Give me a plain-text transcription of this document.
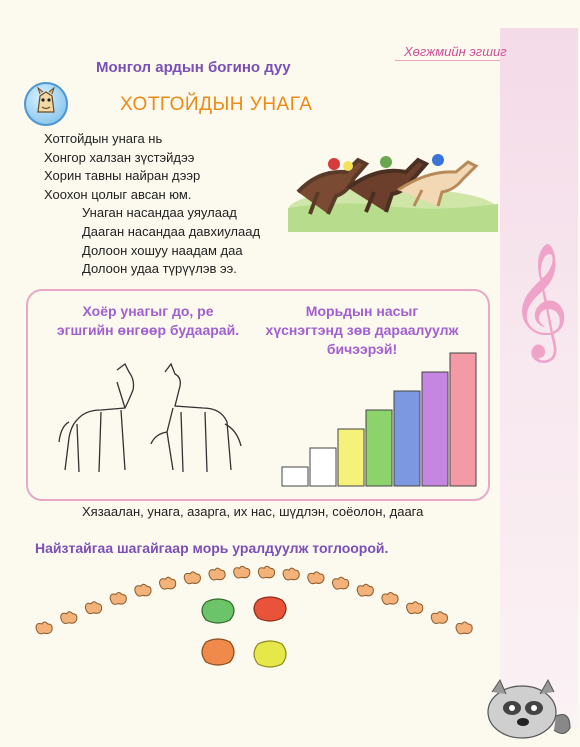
Хөгжмийн эгшиг
Монгол ардын богино дуу
ХОТГОЙДЫН УНАГА
Хотгойдын унага нь
Хонгор халзан зүстэйдээ
Хорин тавны найран дээр
Хоохон цолыг авсан юм.
Унаган насандаа уяулаад
Дааган насандаа давхиулаад
Долоон хошуу наадам даа
Долоон удаа түрүүлэв ээ.	𝄞
Хоёр унагыг до, ре
эгшгийн өнгөөр будаарай.
Морьдын насыг
хүснэгтэнд зөв дараалуулж
бичээрэй!
Хязаалан, унага, азарга, их нас, шүдлэн, соёолон, даага
Найзтайгаа шагайгаар морь уралдуулж тоглоорой.
